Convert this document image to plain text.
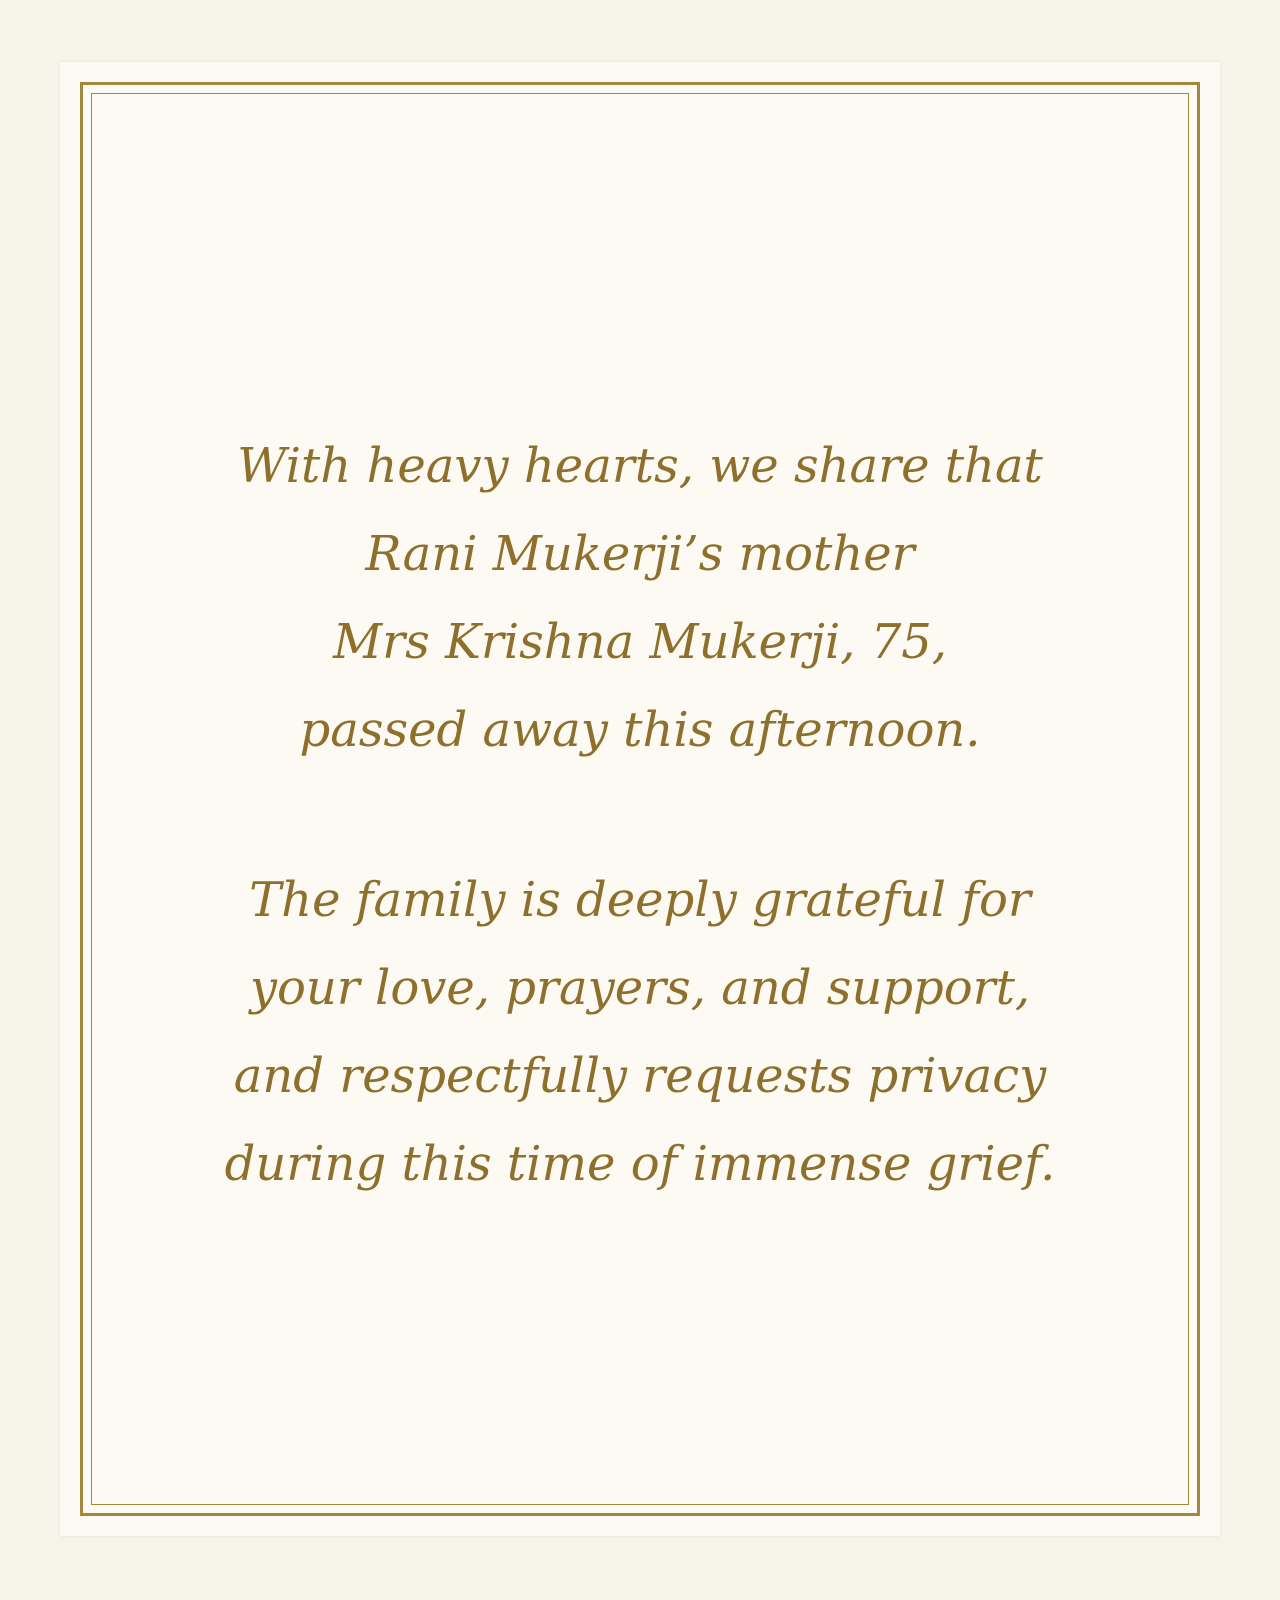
With heavy hearts, we share that
Rani Mukerji’s mother
Mrs Krishna Mukerji, 75,
passed away this afternoon.
The family is deeply grateful for
your love, prayers, and support,
and respectfully requests privacy
during this time of immense grief.
